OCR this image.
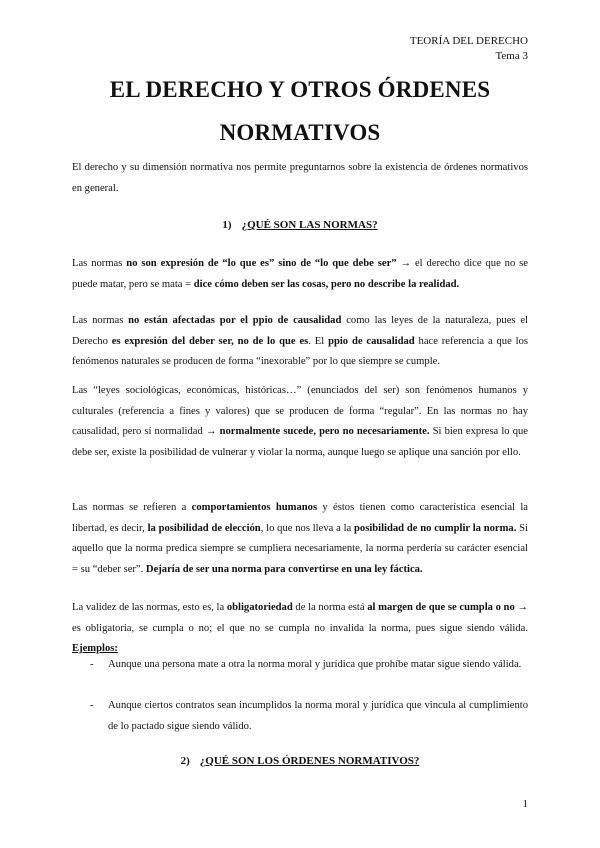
TEORÍA DEL DERECHO
Tema 3
EL DERECHO Y OTROS ÓRDENES
NORMATIVOS
El derecho y su dimensión normativa nos permite preguntarnos sobre la existencia de órdenes normativos en general.
1) ¿QUÉ SON LAS NORMAS?
Las normas no son expresión de “lo que es” sino de “lo que debe ser” → el derecho dice que no se puede matar, pero se mata = dice cómo deben ser las cosas, pero no describe la realidad.
Las normas no están afectadas por el ppio de causalidad como las leyes de la naturaleza, pues el Derecho es expresión del deber ser, no de lo que es. El ppio de causalidad hace referencia a que los fenómenos naturales se producen de forma “inexorable” por lo que siempre se cumple.
Las “leyes sociológicas, económicas, históricas…” (enunciados del ser) son fenómenos humanos y culturales (referencia a fines y valores) que se producen de forma “regular”. En las normas no hay causalidad, pero sí normalidad → normalmente sucede, pero no necesariamente. Si bien expresa lo que debe ser, existe la posibilidad de vulnerar y violar la norma, aunque luego se aplique una sanción por ello.
Las normas se refieren a comportamientos humanos y éstos tienen como característica esencial la libertad, es decir, la posibilidad de elección, lo que nos lleva a la posibilidad de no cumplir la norma. Si aquello que la norma predica siempre se cumpliera necesariamente, la norma perdería su carácter esencial = su “deber ser”. Dejaría de ser una norma para convertirse en una ley fáctica.
La validez de las normas, esto es, la obligatoriedad de la norma está al margen de que se cumpla o no → es obligatoria, se cumpla o no; el que no se cumpla no invalida la norma, pues sigue siendo válida. Ejemplos:
- Aunque una persona mate a otra la norma moral y jurídica que prohíbe matar sigue siendo válida.
- Aunque ciertos contratos sean incumplidos la norma moral y jurídica que vincula al cumplimiento de lo pactado sigue siendo válido.
2) ¿QUÉ SON LOS ÓRDENES NORMATIVOS?
1
